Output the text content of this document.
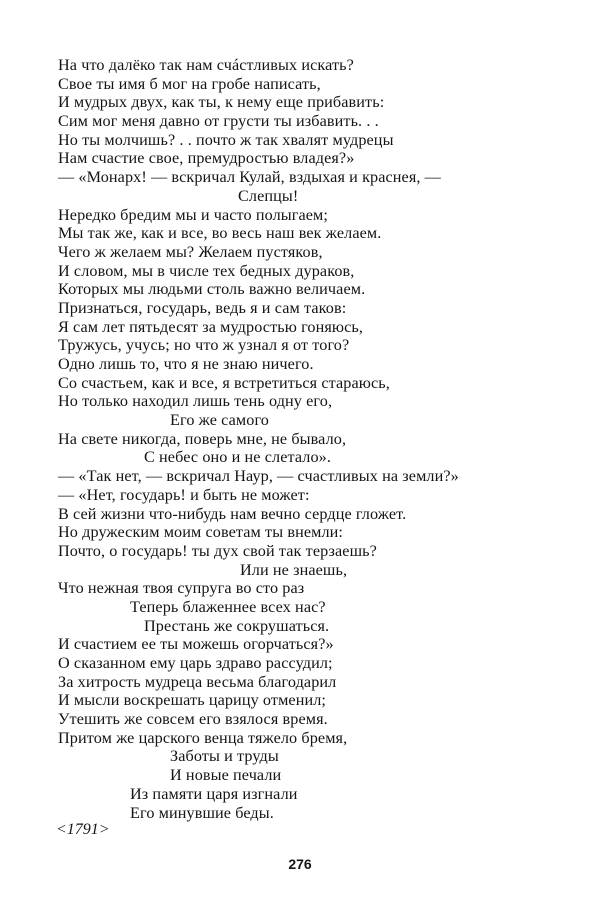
На что далёко так нам счáстливых искать?
Свое ты имя б мог на гробе написать,
И мудрых двух, как ты, к нему еще прибавить:
Сим мог меня давно от грусти ты избавить. . .
Но ты молчишь? . . почто ж так хвалят мудрецы
Нам счастие свое, премудростью владея?»
— «Монарх! — вскричал Кулай, вздыхая и краснея, —
Слепцы!
Нередко бредим мы и часто полыгаем;
Мы так же, как и все, во весь наш век желаем.
Чего ж желаем мы? Желаем пустяков,
И словом, мы в числе тех бедных дураков,
Которых мы людьми столь важно величаем.
Признаться, государь, ведь я и сам таков:
Я сам лет пятьдесят за мудростью гоняюсь,
Тружусь, учусь; но что ж узнал я от того?
Одно лишь то, что я не знаю ничего.
Со счастьем, как и все, я встретиться стараюсь,
Но только находил лишь тень одну его,
Его же самого
На свете никогда, поверь мне, не бывало,
С небес оно и не слетало».
— «Так нет, — вскричал Наур, — счастливых на земли?»
— «Нет, государь! и быть не может:
В сей жизни что-нибудь нам вечно сердце гложет.
Но дружеским моим советам ты внемли:
Почто, о государь! ты дух свой так терзаешь?
Или не знаешь,
Что нежная твоя супруга во сто раз
Теперь блаженнее всех нас?
Престань же сокрушаться.
И счастием ее ты можешь огорчаться?»
О сказанном ему царь здраво рассудил;
За хитрость мудреца весьма благодарил
И мысли воскрешать царицу отменил;
Утешить же совсем его взялося время.
Притом же царского венца тяжело бремя,
Заботы и труды
И новые печали
Из памяти царя изгнали
Его минувшие беды.
<1791>
276
